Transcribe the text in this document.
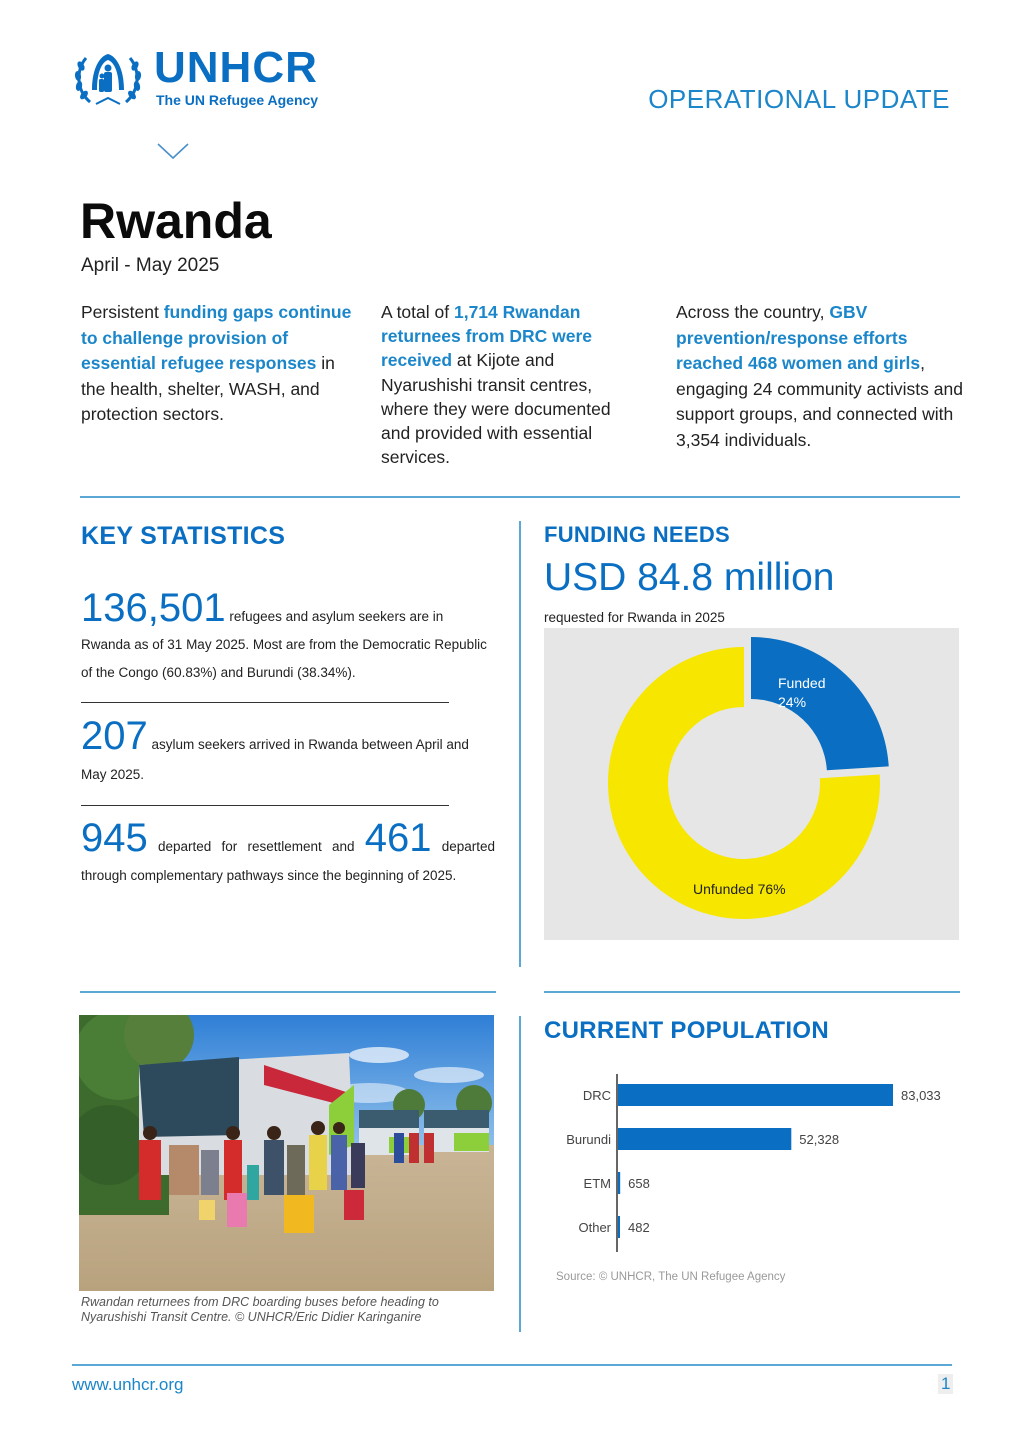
UNHCR
The UN Refugee Agency	OPERATIONAL UPDATE
Rwanda
April - May 2025
Persistent funding gaps continue to challenge provision of essential refugee responses in the health, shelter, WASH, and protection sectors.
A total of 1,714 Rwandan returnees from DRC were received at Kijote and Nyarushishi transit centres, where they were documented and provided with essential services.
Across the country, GBV prevention/response efforts reached 468 women and girls, engaging 24 community activists and support groups, and connected with 3,354 individuals.
KEY STATISTICS
136,501 refugees and asylum seekers are in Rwanda as of 31 May 2025. Most are from the Democratic Republic of the Congo (60.83%) and Burundi (38.34%).
207 asylum seekers arrived in Rwanda between April and May 2025.
945 departed for resettlement and 461 departed through complementary pathways since the beginning of 2025.
FUNDING NEEDS
USD 84.8 million
requested for Rwanda in 2025
Funded
24%
Unfunded 76%
Rwandan returnees from DRC boarding buses before heading to Nyarushishi Transit Centre. © UNHCR/Eric Didier Karinganire
CURRENT POPULATION
DRC	83,033
Burundi	52,328
ETM 658
Other 482
Source: © UNHCR, The UN Refugee Agency
www.unhcr.org	1
